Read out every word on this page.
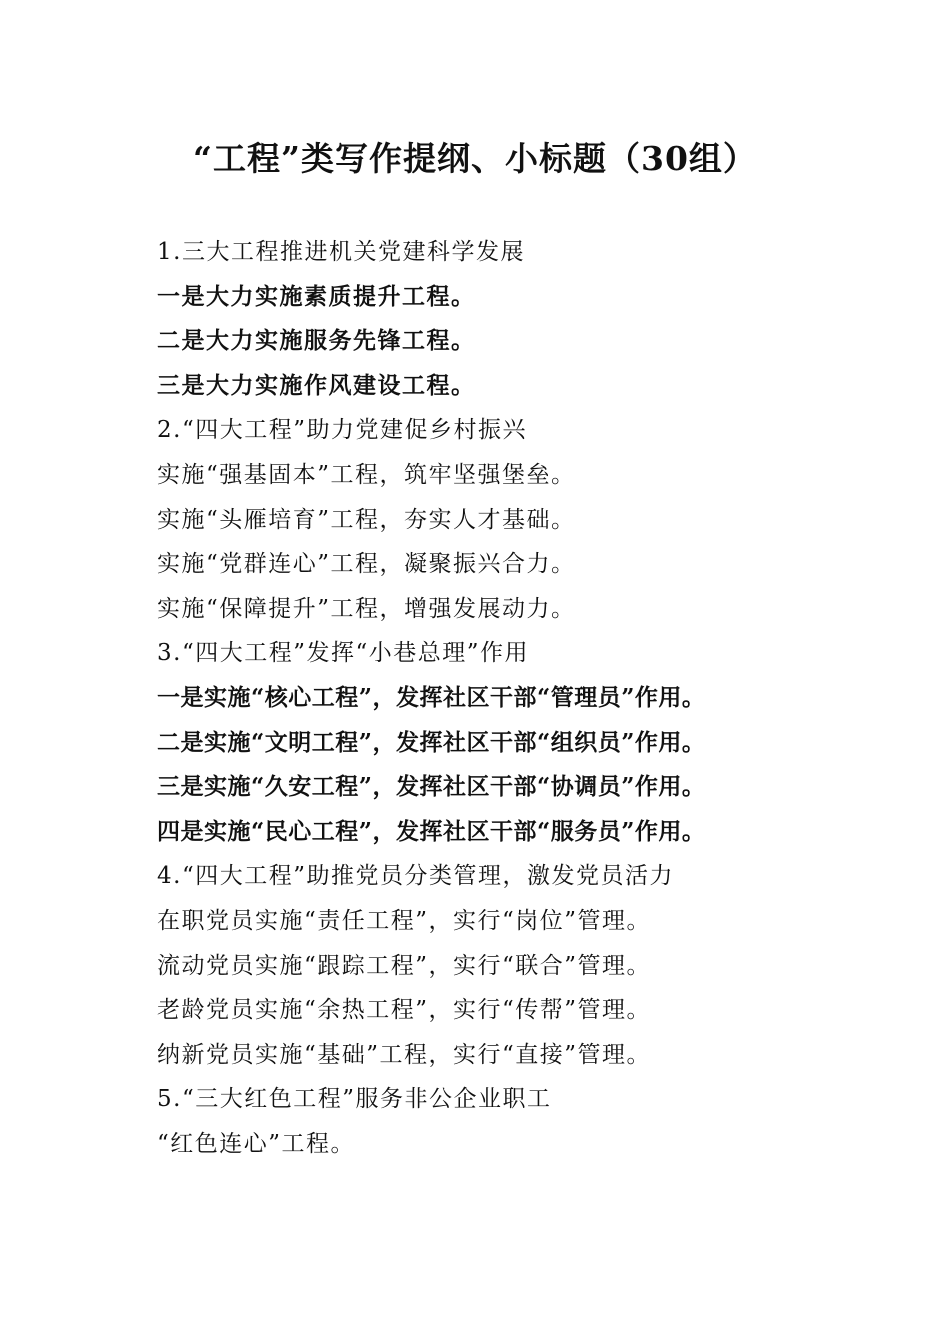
“工程”类写作提纲、小标题（30组）
1.三大工程推进机关党建科学发展
一是大力实施素质提升工程。
二是大力实施服务先锋工程。
三是大力实施作风建设工程。
2.“四大工程”助力党建促乡村振兴
实施“强基固本”工程，筑牢坚强堡垒。
实施“头雁培育”工程，夯实人才基础。
实施“党群连心”工程，凝聚振兴合力。
实施“保障提升”工程，增强发展动力。
3.“四大工程”发挥“小巷总理”作用
一是实施“核心工程”，发挥社区干部“管理员”作用。
二是实施“文明工程”，发挥社区干部“组织员”作用。
三是实施“久安工程”，发挥社区干部“协调员”作用。
四是实施“民心工程”，发挥社区干部“服务员”作用。
4.“四大工程”助推党员分类管理，激发党员活力
在职党员实施“责任工程”，实行“岗位”管理。
流动党员实施“跟踪工程”，实行“联合”管理。
老龄党员实施“余热工程”，实行“传帮”管理。
纳新党员实施“基础”工程，实行“直接”管理。
5.“三大红色工程”服务非公企业职工
“红色连心”工程。
